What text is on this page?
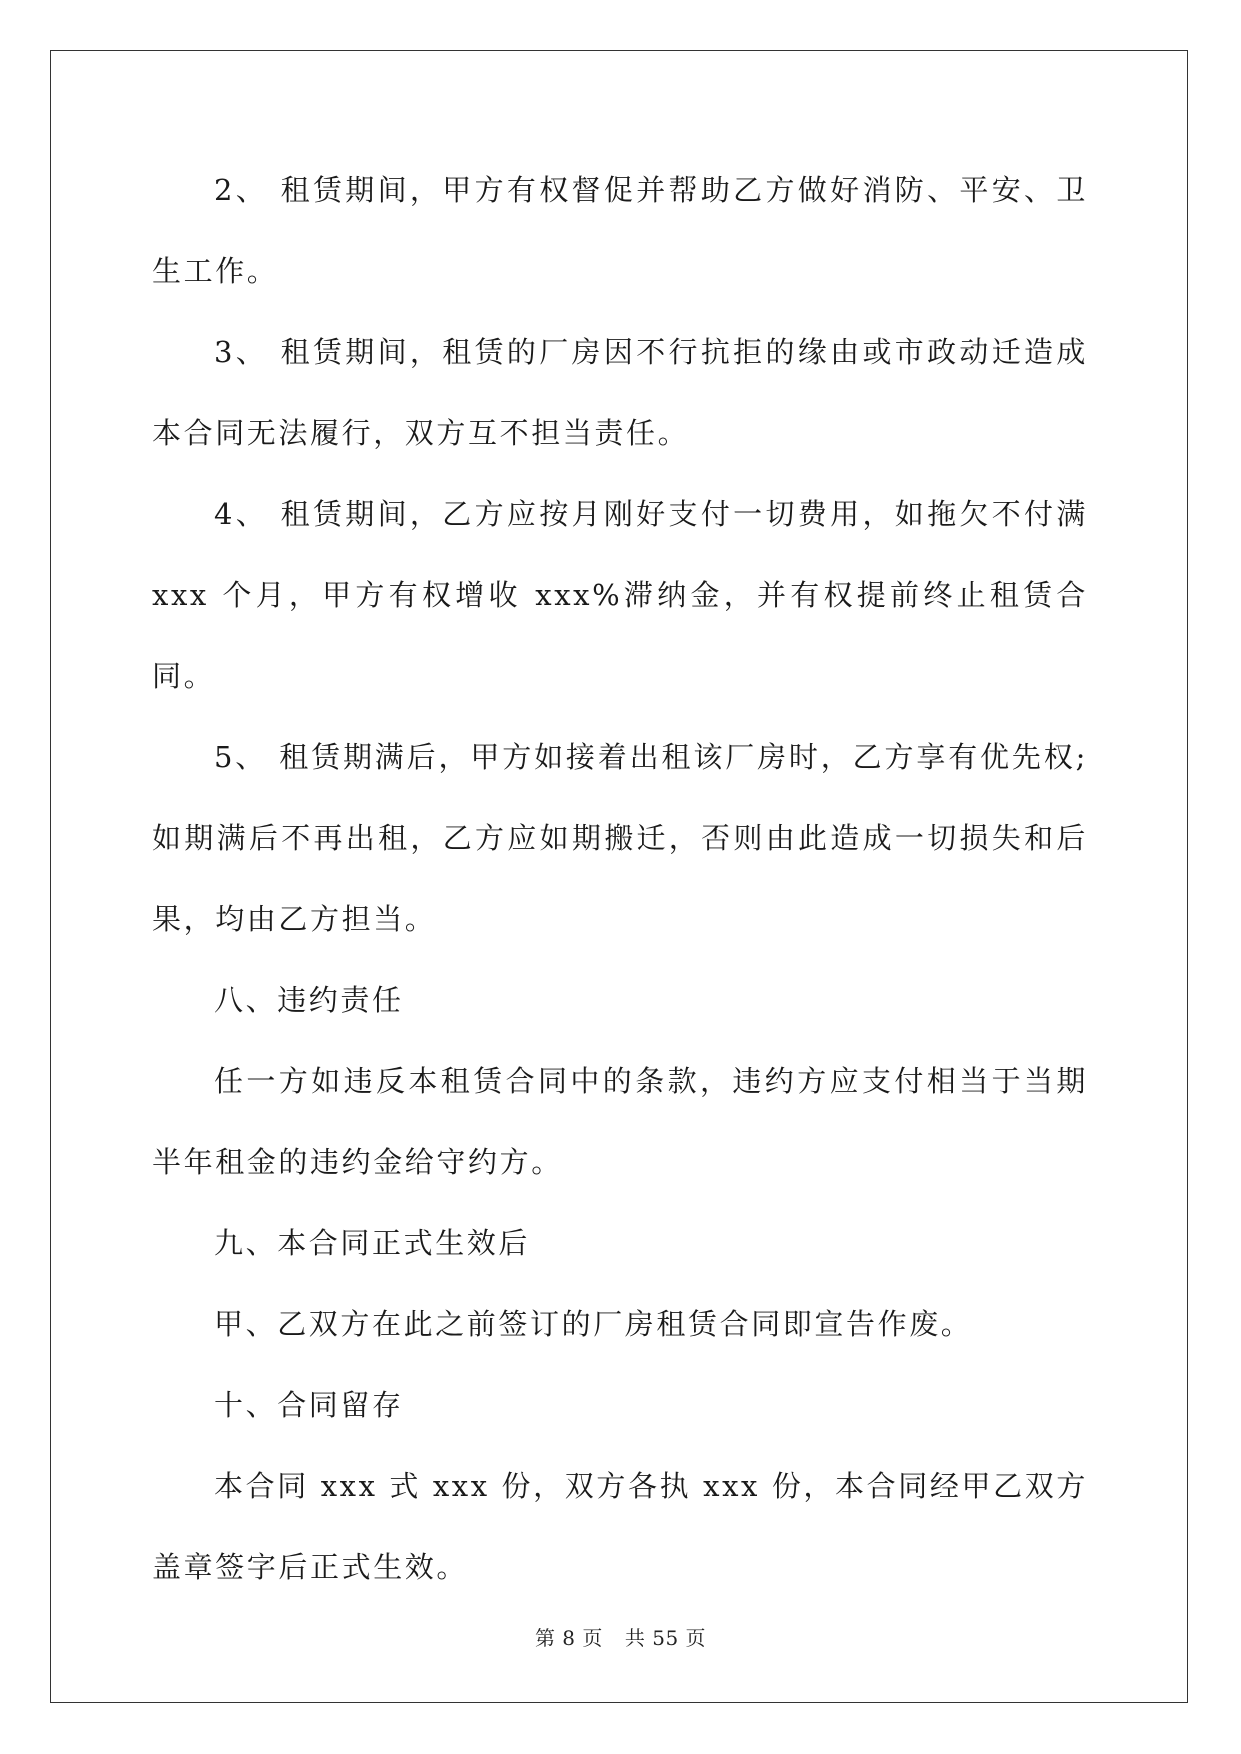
2、 租赁期间，甲方有权督促并帮助乙方做好消防、平安、卫生工作。

3、 租赁期间，租赁的厂房因不行抗拒的缘由或市政动迁造成本合同无法履行，双方互不担当责任。

4、 租赁期间，乙方应按月刚好支付一切费用，如拖欠不付满 xxx 个月，甲方有权增收 xxx%滞纳金，并有权提前终止租赁合同。

5、 租赁期满后，甲方如接着出租该厂房时，乙方享有优先权;如期满后不再出租，乙方应如期搬迁，否则由此造成一切损失和后果，均由乙方担当。

八、违约责任

任一方如违反本租赁合同中的条款，违约方应支付相当于当期半年租金的违约金给守约方。

九、本合同正式生效后

甲、乙双方在此之前签订的厂房租赁合同即宣告作废。

十、合同留存

本合同 xxx 式 xxx 份，双方各执 xxx 份，本合同经甲乙双方盖章签字后正式生效。

第 8 页 共 55 页
